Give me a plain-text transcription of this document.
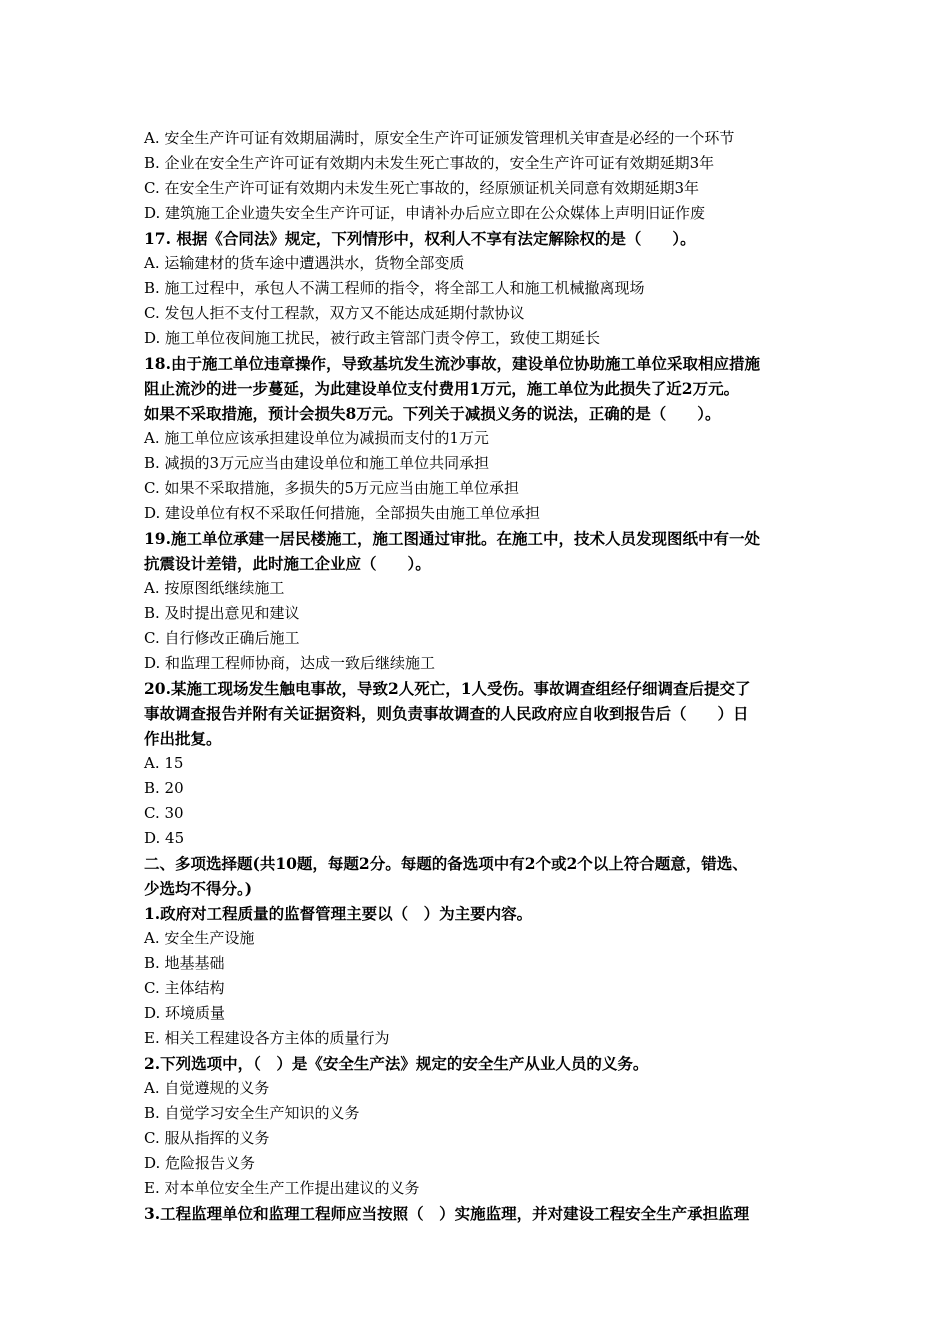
A. 安全生产许可证有效期届满时，原安全生产许可证颁发管理机关审查是必经的一个环节
B. 企业在安全生产许可证有效期内未发生死亡事故的，安全生产许可证有效期延期3年
C. 在安全生产许可证有效期内未发生死亡事故的，经原颁证机关同意有效期延期3年
D. 建筑施工企业遗失安全生产许可证，申请补办后应立即在公众媒体上声明旧证作废
17. 根据《合同法》规定，下列情形中，权利人不享有法定解除权的是（　　）。
A. 运输建材的货车途中遭遇洪水，货物全部变质
B. 施工过程中，承包人不满工程师的指令，将全部工人和施工机械撤离现场
C. 发包人拒不支付工程款，双方又不能达成延期付款协议
D. 施工单位夜间施工扰民，被行政主管部门责令停工，致使工期延长
18.由于施工单位违章操作，导致基坑发生流沙事故，建设单位协助施工单位采取相应措施
阻止流沙的进一步蔓延，为此建设单位支付费用1万元，施工单位为此损失了近2万元。
如果不采取措施，预计会损失8万元。下列关于减损义务的说法，正确的是（　　）。
A. 施工单位应该承担建设单位为减损而支付的1万元
B. 减损的3万元应当由建设单位和施工单位共同承担
C. 如果不采取措施，多损失的5万元应当由施工单位承担
D. 建设单位有权不采取任何措施，全部损失由施工单位承担
19.施工单位承建一居民楼施工，施工图通过审批。在施工中，技术人员发现图纸中有一处
抗震设计差错，此时施工企业应（　　）。
A. 按原图纸继续施工
B. 及时提出意见和建议
C. 自行修改正确后施工
D. 和监理工程师协商，达成一致后继续施工
20.某施工现场发生触电事故，导致2人死亡，1人受伤。事故调查组经仔细调查后提交了
事故调查报告并附有关证据资料，则负责事故调查的人民政府应自收到报告后（　　）日
作出批复。
A. 15
B. 20
C. 30
D. 45
二、多项选择题(共10题，每题2分。每题的备选项中有2个或2个以上符合题意，错选、
少选均不得分。)
1.政府对工程质量的监督管理主要以（　）为主要内容。
A. 安全生产设施
B. 地基基础
C. 主体结构
D. 环境质量
E. 相关工程建设各方主体的质量行为
2.下列选项中，（　）是《安全生产法》规定的安全生产从业人员的义务。
A. 自觉遵规的义务
B. 自觉学习安全生产知识的义务
C. 服从指挥的义务
D. 危险报告义务
E. 对本单位安全生产工作提出建议的义务
3.工程监理单位和监理工程师应当按照（　）实施监理，并对建设工程安全生产承担监理
